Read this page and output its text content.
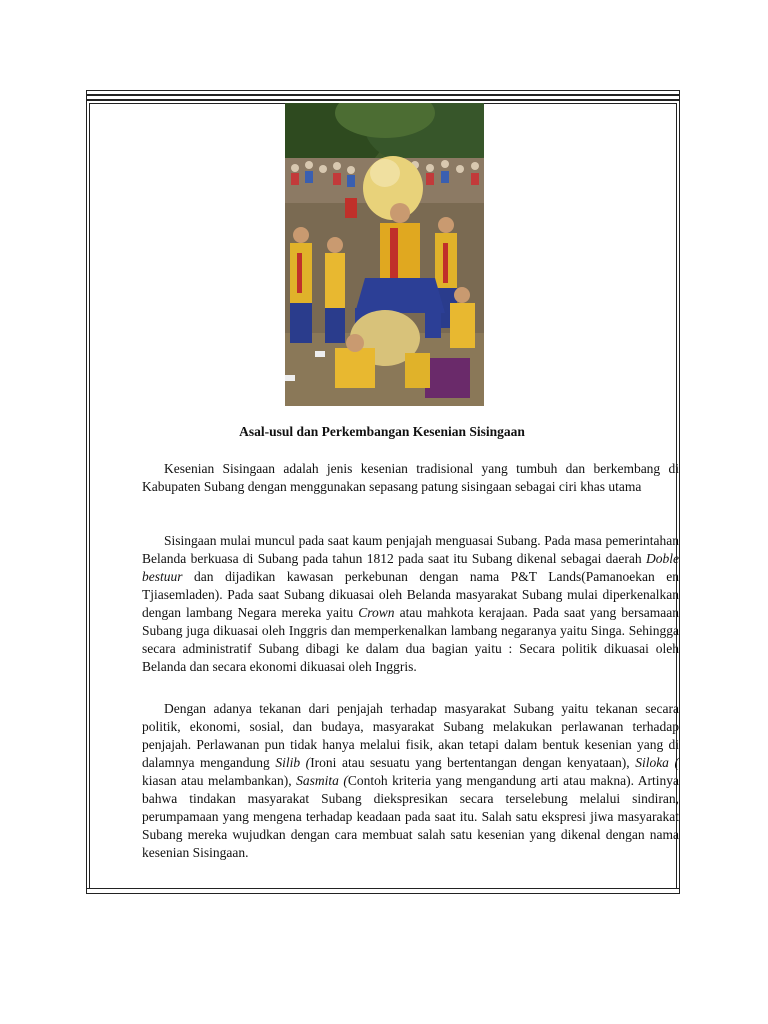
Asal-usul dan Perkembangan Kesenian Sisingaan

Kesenian Sisingaan adalah jenis kesenian tradisional yang tumbuh dan berkembang di Kabupaten Subang dengan menggunakan sepasang patung sisingaan sebagai ciri khas utama

Sisingaan mulai muncul pada saat kaum penjajah menguasai Subang. Pada masa pemerintahan Belanda berkuasa di Subang pada tahun 1812 pada saat itu Subang dikenal sebagai daerah Doble bestuur dan dijadikan kawasan perkebunan dengan nama P&T Lands(Pamanoekan en Tjiasemladen). Pada saat Subang dikuasai oleh Belanda masyarakat Subang mulai diperkenalkan dengan lambang Negara mereka yaitu Crown atau mahkota kerajaan. Pada saat yang bersamaan Subang juga dikuasai oleh Inggris dan memperkenalkan lambang negaranya yaitu Singa. Sehingga secara administratif Subang dibagi ke dalam dua bagian yaitu : Secara politik dikuasai oleh Belanda dan secara ekonomi dikuasai oleh Inggris.

Dengan adanya tekanan dari penjajah terhadap masyarakat Subang yaitu tekanan secara politik, ekonomi, sosial, dan budaya, masyarakat Subang melakukan perlawanan terhadap penjajah. Perlawanan pun tidak hanya melalui fisik, akan tetapi dalam bentuk kesenian yang di dalamnya mengandung Silib (Ironi atau sesuatu yang bertentangan dengan kenyataan), Siloka ( kiasan atau melambankan), Sasmita (Contoh kriteria yang mengandung arti atau makna). Artinya bahwa tindakan masyarakat Subang diekspresikan secara terselebung melalui sindiran, perumpamaan yang mengena terhadap keadaan pada saat itu. Salah satu ekspresi jiwa masyarakat Subang mereka wujudkan dengan cara membuat salah satu kesenian yang dikenal dengan nama kesenian Sisingaan.
